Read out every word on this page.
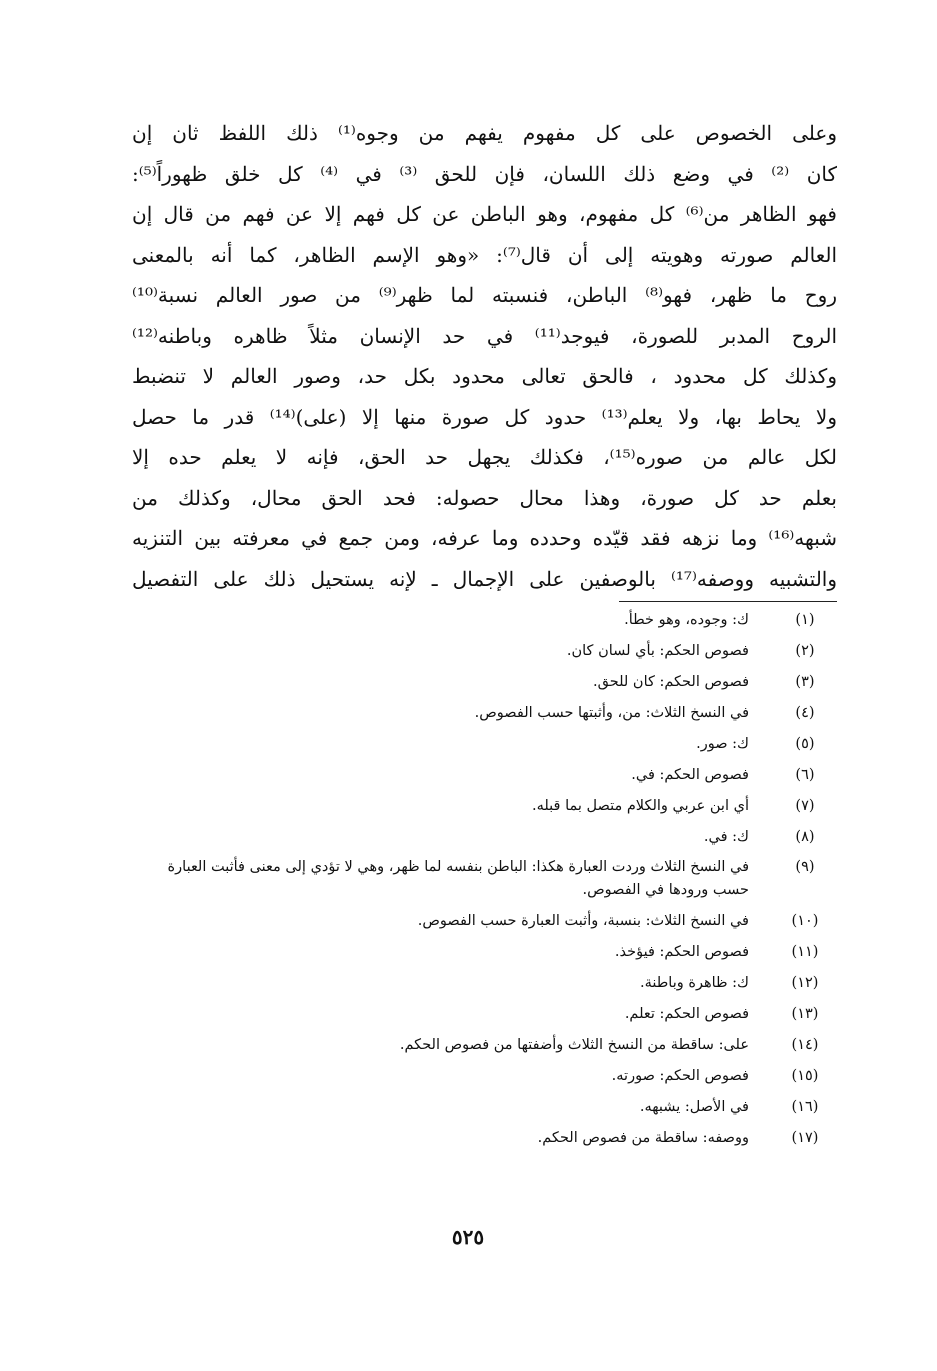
وعلى الخصوص على كل مفهوم يفهم من وجوه⁽¹⁾ ذلك اللفظ ثان إن
كان ⁽²⁾ في وضع ذلك اللسان، فإن للحق ⁽³⁾ في ⁽⁴⁾ كل خلق ظهوراً⁽⁵⁾:
فهو الظاهر من⁽⁶⁾ كل مفهوم، وهو الباطن عن كل فهم إلا عن فهم من قال إن
العالم صورته وهويته إلى أن قال⁽⁷⁾: «وهو الإسم الظاهر، كما أنه بالمعنى
روح ما ظهر، فهو⁽⁸⁾ الباطن، فنسبته لما ظهر⁽⁹⁾ من صور العالم نسبة⁽¹⁰⁾
الروح المدبر للصورة، فيوجد⁽¹¹⁾ في حد الإنسان مثلاً ظاهره وباطنه⁽¹²⁾
وكذلك كل محدود ، فالحق تعالى محدود بكل حد، وصور العالم لا تنضبط
ولا يحاط بها، ولا يعلم⁽¹³⁾ حدود كل صورة منها إلا (على)⁽¹⁴⁾ قدر ما حصل
لكل عالم من صوره⁽¹⁵⁾، فكذلك يجهل حد الحق، فإنه لا يعلم حده إلا
بعلم حد كل صورة، وهذا محال حصوله: فحد الحق محال، وكذلك من
شبهه⁽¹⁶⁾ وما نزهه فقد قيّده وحدده وما عرفه، ومن جمع في معرفته بين التنزيه
والتشبيه ووصفه⁽¹⁷⁾ بالوصفين على الإجمال ـ لإنه يستحيل ذلك على التفصيل
(١)
ك: وجوده، وهو خطأ.
(٢)
فصوص الحكم: بأي لسان كان.
(٣)
فصوص الحكم: كان للحق.
(٤)
في النسخ الثلاث: من، وأثبتها حسب الفصوص.
(٥)
ك: صور.
(٦)
فصوص الحكم: في.
(٧)
أي ابن عربي والكلام متصل بما قبله.
(٨)
ك: في.
(٩)
في النسخ الثلاث وردت العبارة هكذا: الباطن بنفسه لما ظهر، وهي لا تؤدي إلى معنى فأثبت العبارة حسب ورودها في الفصوص.
(١٠)
في النسخ الثلاث: بنسبة، وأثبت العبارة حسب الفصوص.
(١١)
فصوص الحكم: فيؤخذ.
(١٢)
ك: ظاهرة وباطنة.
(١٣)
فصوص الحكم: تعلم.
(١٤)
على: ساقطة من النسخ الثلاث وأضفتها من فصوص الحكم.
(١٥)
فصوص الحكم: صورته.
(١٦)
في الأصل: يشبهه.
(١٧)
ووصفه: ساقطة من فصوص الحكم.
٥٢٥
